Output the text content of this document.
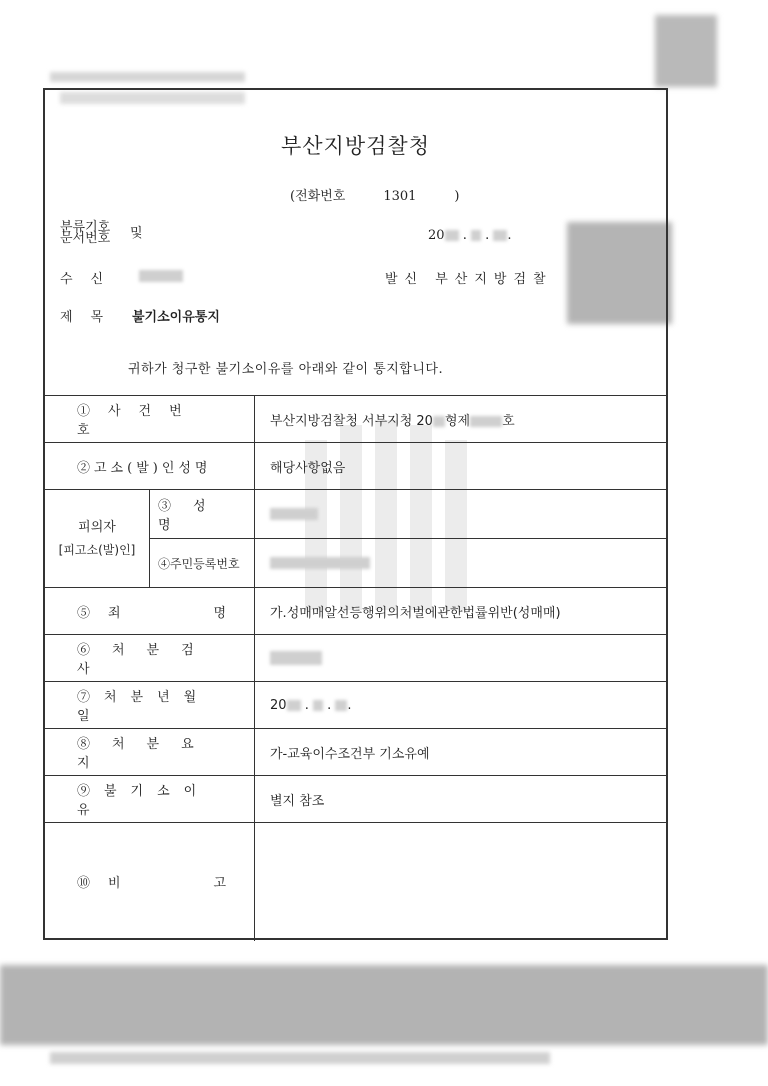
부산지방검찰청
(전화번호	1301	)
분류기호
문서번호 및	20 . . .
수신	발신 부산지방검찰
제목 불기소이유통지
귀하가 청구한 불기소이유를 아래와 같이 통지합니다.
①사건번호		부산지방검찰청 서부지청 20 형제 호

②고소(발)인성명		해당사항없음

피의자
[피고소(발)인]	③성명	
	④주민등록번호	

⑤죄 명		가.성매매알선등행위의처벌에관한법률위반(성매매)

⑥처분검사		

⑦처분년월일		20 . . .

⑧처분요지		가-교육이수조건부 기소유예

⑨불기소이유		별지 참조

⑩비 고		
